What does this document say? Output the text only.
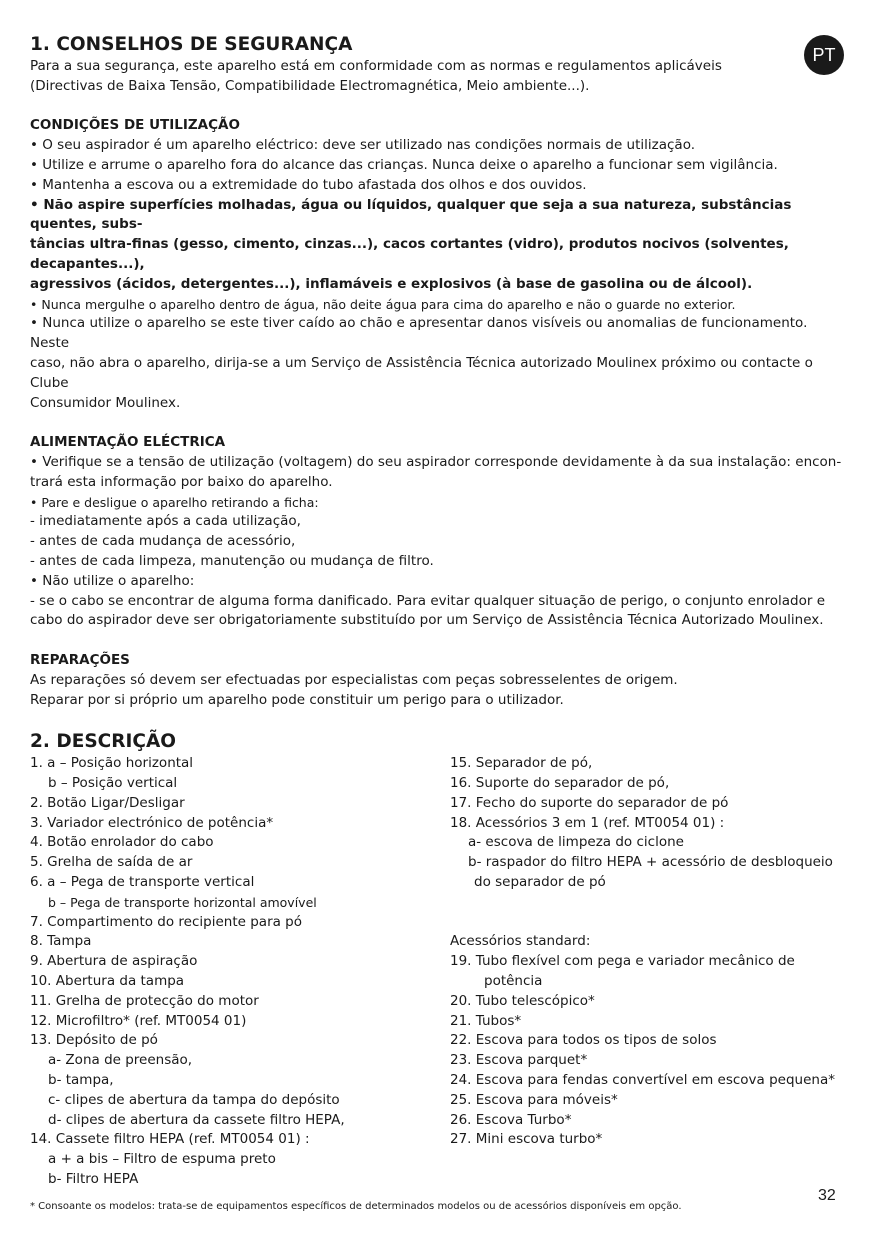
PT
1. CONSELHOS DE SEGURANÇA

Para a sua segurança, este aparelho está em conformidade com as normas e regulamentos aplicáveis

(Directivas de Baixa Tensão, Compatibilidade Electromagnética, Meio ambiente...).

CONDIÇÕES DE UTILIZAÇÃO

• O seu aspirador é um aparelho eléctrico: deve ser utilizado nas condições normais de utilização.

• Utilize e arrume o aparelho fora do alcance das crianças. Nunca deixe o aparelho a funcionar sem vigilância.

• Mantenha a escova ou a extremidade do tubo afastada dos olhos e dos ouvidos.

• Não aspire superfícies molhadas, água ou líquidos, qualquer que seja a sua natureza, substâncias quentes, subs-

tâncias ultra-finas (gesso, cimento, cinzas...), cacos cortantes (vidro), produtos nocivos (solventes, decapantes...),

agressivos (ácidos, detergentes...), inflamáveis e explosivos (à base de gasolina ou de álcool).

• Nunca mergulhe o aparelho dentro de água, não deite água para cima do aparelho e não o guarde no exterior.

• Nunca utilize o aparelho se este tiver caído ao chão e apresentar danos visíveis ou anomalias de funcionamento. Neste

caso, não abra o aparelho, dirija-se a um Serviço de Assistência Técnica autorizado Moulinex próximo ou contacte o Clube

Consumidor Moulinex.

ALIMENTAÇÃO ELÉCTRICA

• Verifique se a tensão de utilização (voltagem) do seu aspirador corresponde devidamente à da sua instalação: encon-

trará esta informação por baixo do aparelho.

• Pare e desligue o aparelho retirando a ficha:

- imediatamente após a cada utilização,

- antes de cada mudança de acessório,

- antes de cada limpeza, manutenção ou mudança de filtro.

• Não utilize o aparelho:

- se o cabo se encontrar de alguma forma danificado. Para evitar qualquer situação de perigo, o conjunto enrolador e

cabo do aspirador deve ser obrigatoriamente substituído por um Serviço de Assistência Técnica Autorizado Moulinex.

REPARAÇÕES

As reparações só devem ser efectuadas por especialistas com peças sobresselentes de origem.

Reparar por si próprio um aparelho pode constituir um perigo para o utilizador.

2. DESCRIÇÃO

1. a – Posição horizontal

b – Posição vertical

2. Botão Ligar/Desligar

3. Variador electrónico de potência*

4. Botão enrolador do cabo

5. Grelha de saída de ar

6. a – Pega de transporte vertical

b – Pega de transporte horizontal amovível

7. Compartimento do recipiente para pó

8. Tampa

9. Abertura de aspiração

10. Abertura da tampa

11. Grelha de protecção do motor

12. Microfiltro* (ref. MT0054 01)

13. Depósito de pó

a- Zona de preensão,

b- tampa,

c- clipes de abertura da tampa do depósito

d- clipes de abertura da cassete filtro HEPA,

14. Cassete filtro HEPA (ref. MT0054 01) :

a + a bis – Filtro de espuma preto

b- Filtro HEPA

15. Separador de pó,

16. Suporte do separador de pó,

17. Fecho do suporte do separador de pó

18. Acessórios 3 em 1 (ref. MT0054 01) :

a- escova de limpeza do ciclone

b- raspador do filtro HEPA + acessório de desbloqueio

do separador de pó

Acessórios standard:

19. Tubo flexível com pega e variador mecânico de

potência

20. Tubo telescópico*

21. Tubos*

22. Escova para todos os tipos de solos

23. Escova parquet*

24. Escova para fendas convertível em escova pequena*

25. Escova para móveis*

26. Escova Turbo*

27. Mini escova turbo*

32
* Consoante os modelos: trata-se de equipamentos específicos de determinados modelos ou de acessórios disponíveis em opção.
